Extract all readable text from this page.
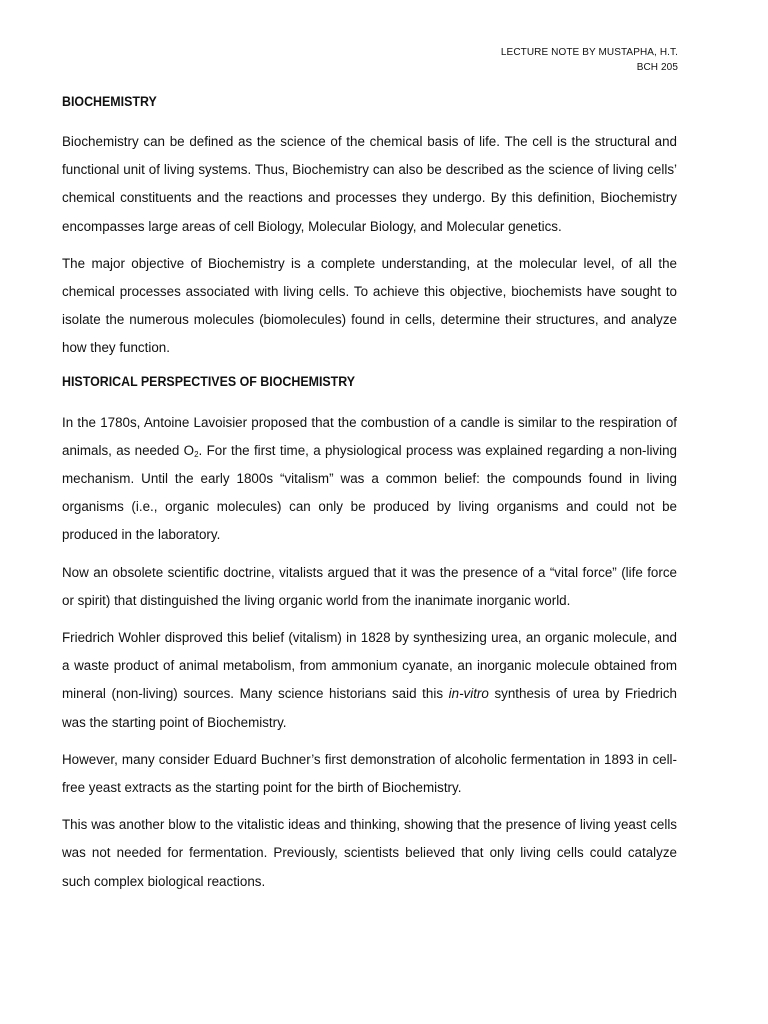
LECTURE NOTE BY MUSTAPHA, H.T.
BCH 205
BIOCHEMISTRY

Biochemistry can be defined as the science of the chemical basis of life. The cell is the structural and functional unit of living systems. Thus, Biochemistry can also be described as the science of living cells’ chemical constituents and the reactions and processes they undergo. By this definition, Biochemistry encompasses large areas of cell Biology, Molecular Biology, and Molecular genetics.

The major objective of Biochemistry is a complete understanding, at the molecular level, of all the chemical processes associated with living cells. To achieve this objective, biochemists have sought to isolate the numerous molecules (biomolecules) found in cells, determine their structures, and analyze how they function.

HISTORICAL PERSPECTIVES OF BIOCHEMISTRY

In the 1780s, Antoine Lavoisier proposed that the combustion of a candle is similar to the respiration of animals, as needed $O_2$. For the first time, a physiological process was explained regarding a non-living mechanism. Until the early 1800s “vitalism” was a common belief: the compounds found in living organisms (i.e., organic molecules) can only be produced by living organisms and could not be produced in the laboratory.

Now an obsolete scientific doctrine, vitalists argued that it was the presence of a “vital force” (life force or spirit) that distinguished the living organic world from the inanimate inorganic world.

Friedrich Wohler disproved this belief (vitalism) in 1828 by synthesizing urea, an organic molecule, and a waste product of animal metabolism, from ammonium cyanate, an inorganic molecule obtained from mineral (non-living) sources. Many science historians said this in-vitro synthesis of urea by Friedrich was the starting point of Biochemistry.

However, many consider Eduard Buchner’s first demonstration of alcoholic fermentation in 1893 in cell-free yeast extracts as the starting point for the birth of Biochemistry.

This was another blow to the vitalistic ideas and thinking, showing that the presence of living yeast cells was not needed for fermentation. Previously, scientists believed that only living cells could catalyze such complex biological reactions.
